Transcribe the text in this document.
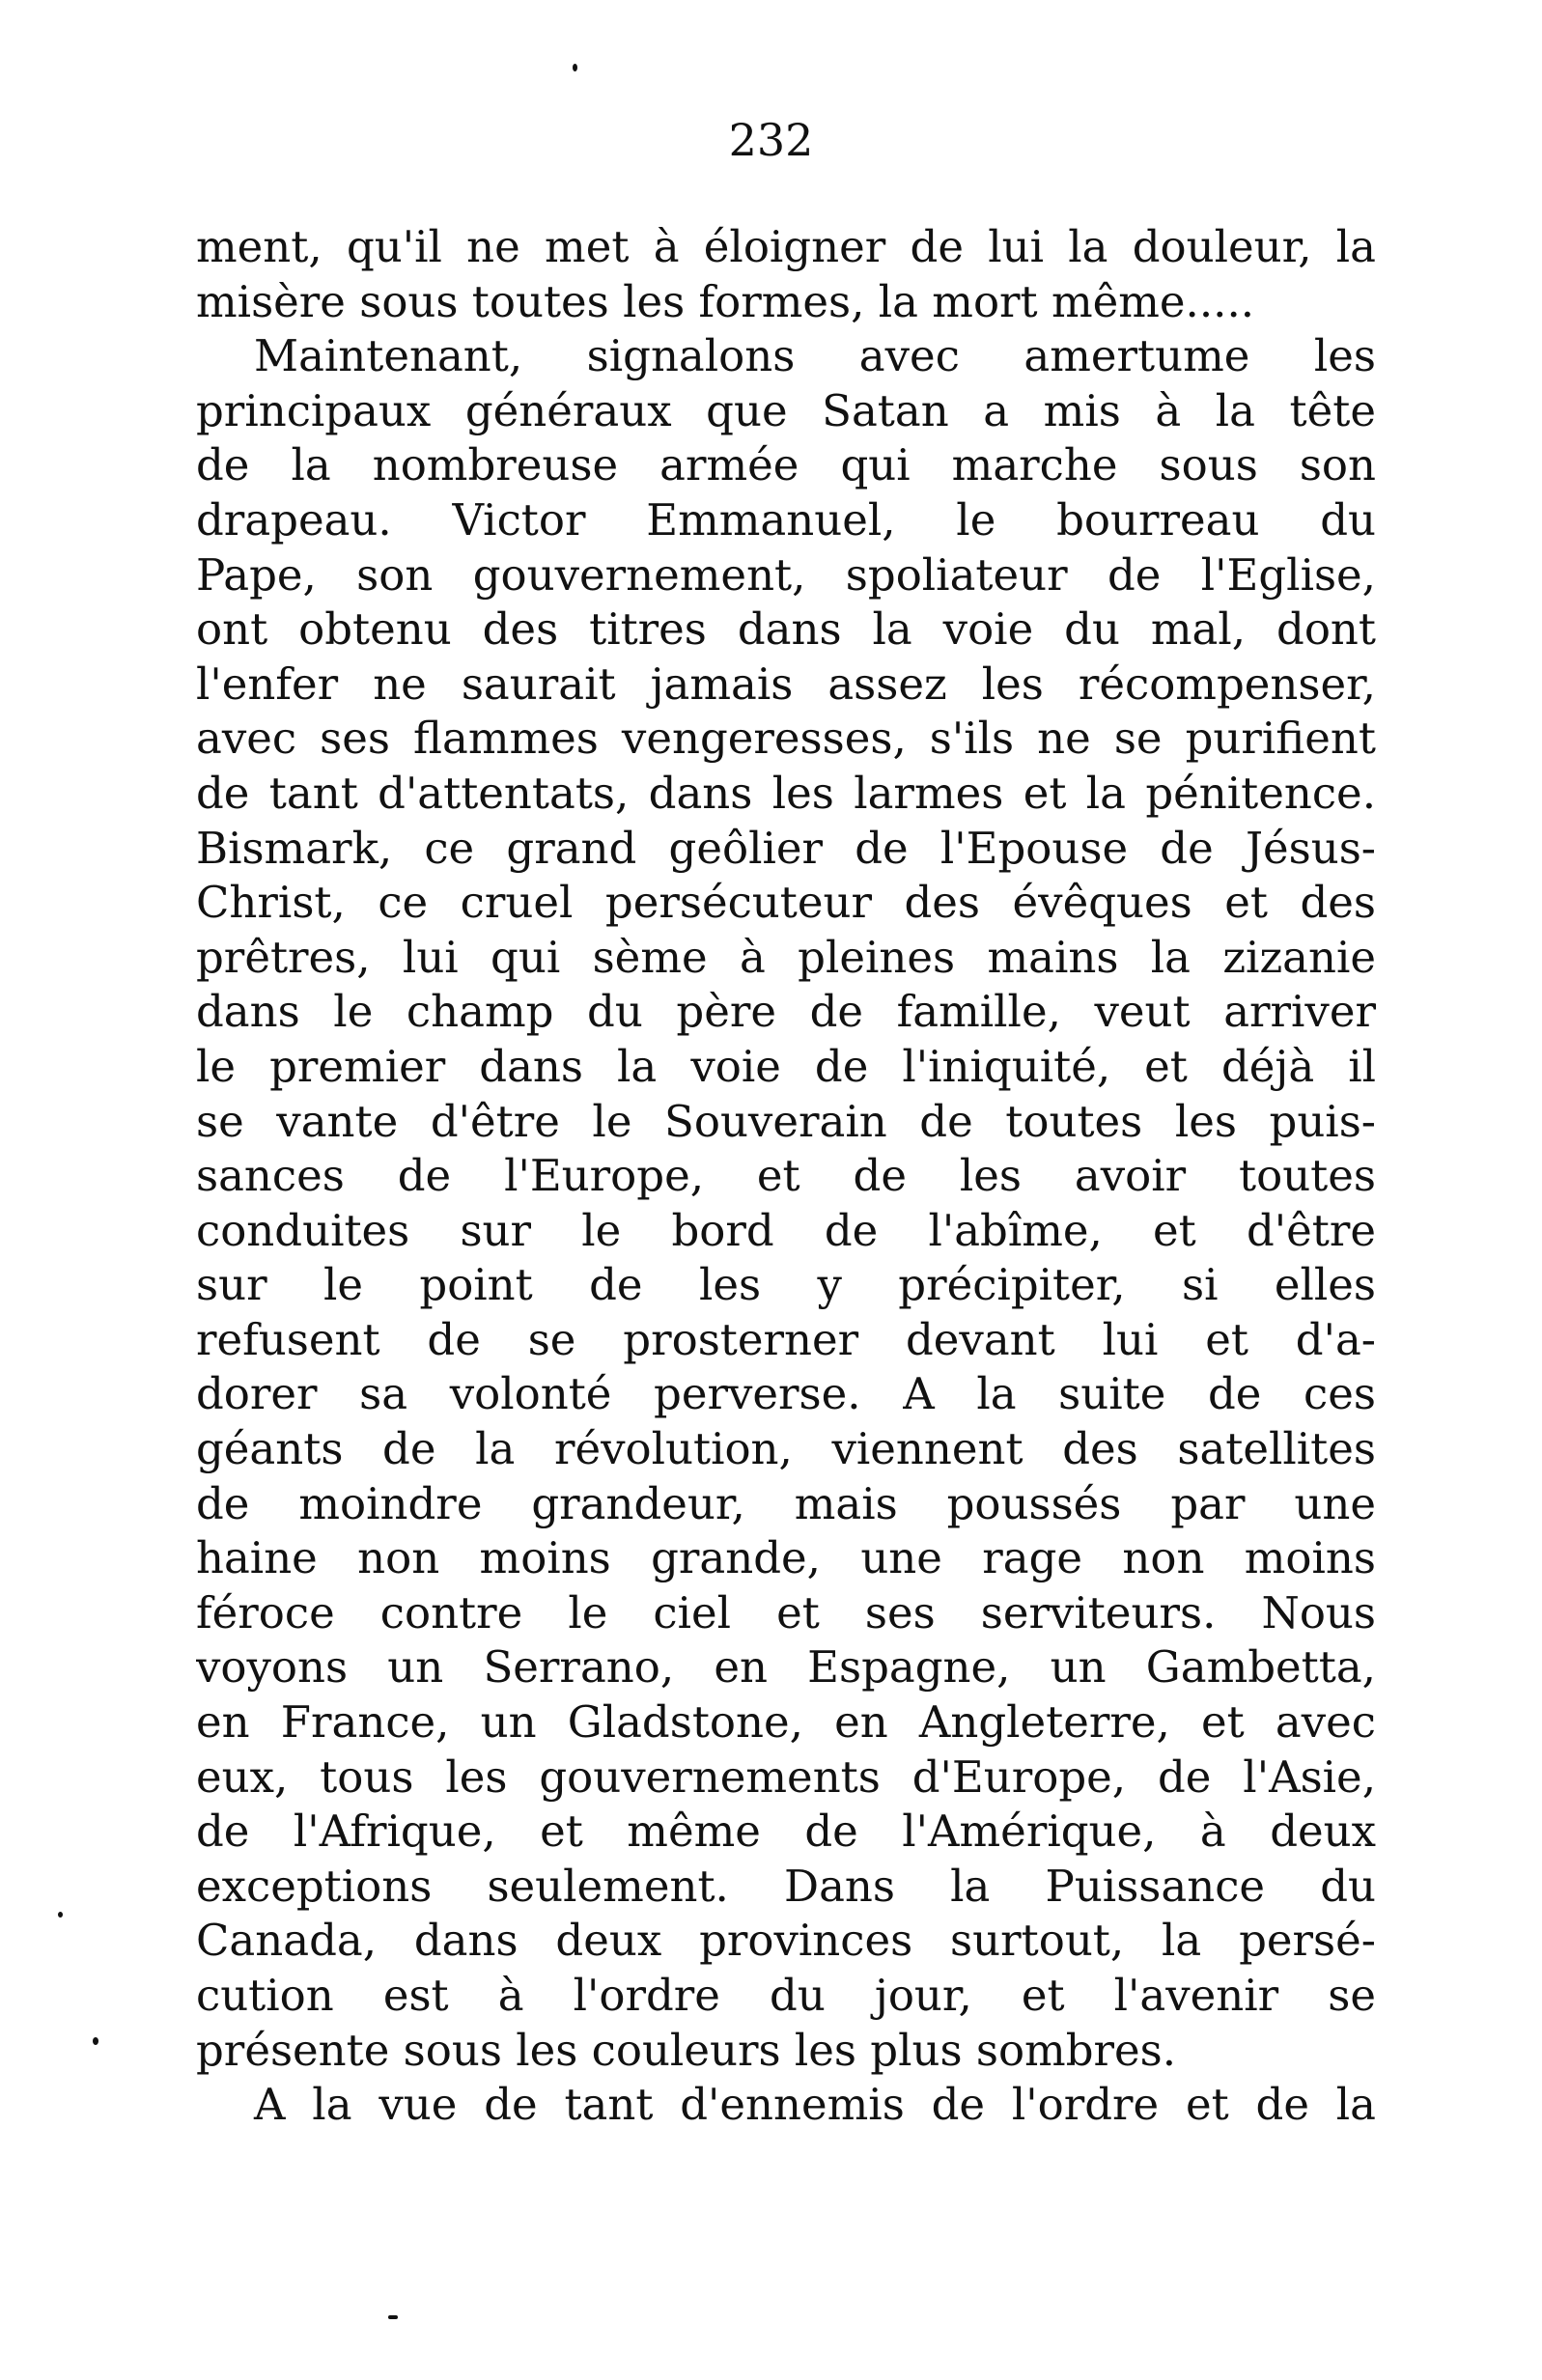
232
ment, qu'il ne met à éloigner de lui la douleur, la
misère sous toutes les formes, la mort même.....
Maintenant, signalons avec amertume les
principaux généraux que Satan a mis à la tête
de la nombreuse armée qui marche sous son
drapeau. Victor Emmanuel, le bourreau du
Pape, son gouvernement, spoliateur de l'Eglise,
ont obtenu des titres dans la voie du mal, dont
l'enfer ne saurait jamais assez les récompenser,
avec ses flammes vengeresses, s'ils ne se purifient
de tant d'attentats, dans les larmes et la pénitence.
Bismark, ce grand geôlier de l'Epouse de Jésus-
Christ, ce cruel persécuteur des évêques et des
prêtres, lui qui sème à pleines mains la zizanie
dans le champ du père de famille, veut arriver
le premier dans la voie de l'iniquité, et déjà il
se vante d'être le Souverain de toutes les puis-
sances de l'Europe, et de les avoir toutes
conduites sur le bord de l'abîme, et d'être
sur le point de les y précipiter, si elles
refusent de se prosterner devant lui et d'a-
dorer sa volonté perverse. A la suite de ces
géants de la révolution, viennent des satellites
de moindre grandeur, mais poussés par une
haine non moins grande, une rage non moins
féroce contre le ciel et ses serviteurs. Nous
voyons un Serrano, en Espagne, un Gambetta,
en France, un Gladstone, en Angleterre, et avec
eux, tous les gouvernements d'Europe, de l'Asie,
de l'Afrique, et même de l'Amérique, à deux
exceptions seulement. Dans la Puissance du
Canada, dans deux provinces surtout, la persé-
cution est à l'ordre du jour, et l'avenir se
présente sous les couleurs les plus sombres.
A la vue de tant d'ennemis de l'ordre et de la
